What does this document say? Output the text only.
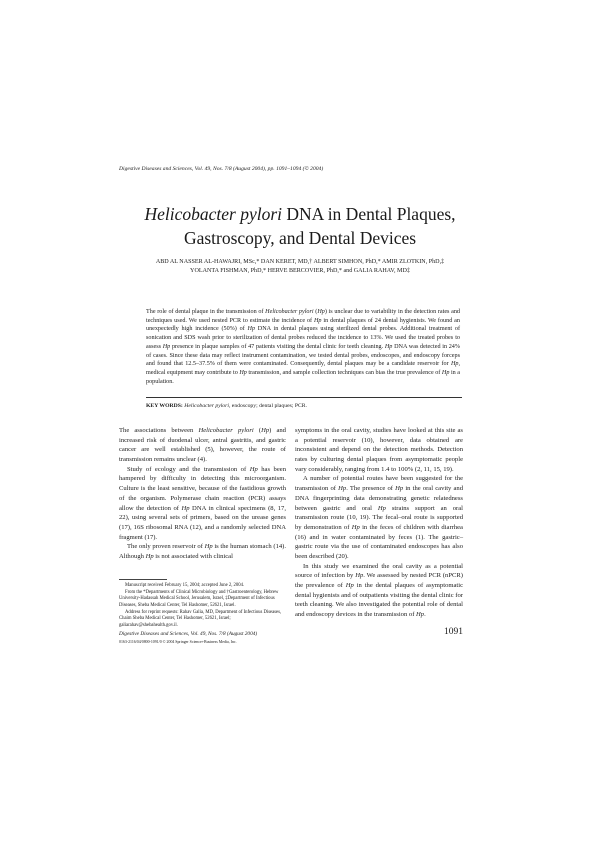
Digestive Diseases and Sciences, Vol. 49, Nos. 7/8 (August 2004), pp. 1091–1094 (© 2004)
Helicobacter pylori DNA in Dental Plaques,
Gastroscopy, and Dental Devices
ABD AL NASSER AL-HAWAJRI, MSc,* DAN KERET, MD,† ALBERT SIMHON, PhD,* AMIR ZLOTKIN, PhD,‡
YOLANTA FISHMAN, PhD,* HERVE BERCOVIER, PhD,* and GALIA RAHAV, MD‡
The role of dental plaque in the transmission of Helicobacter pylori (Hp) is unclear due to variability in the detection rates and techniques used. We used nested PCR to estimate the incidence of Hp in dental plaques of 24 dental hygienists. We found an unexpectedly high incidence (50%) of Hp DNA in dental plaques using sterilized dental probes. Additional treatment of sonication and SDS wash prior to sterilization of dental probes reduced the incidence to 13%. We used the treated probes to assess Hp presence in plaque samples of 47 patients visiting the dental clinic for teeth cleaning. Hp DNA was detected in 24% of cases. Since these data may reflect instrument contamination, we tested dental probes, endoscopes, and endoscopy forceps and found that 12.5–37.5% of them were contaminated. Consequently, dental plaques may be a candidate reservoir for Hp, medical equipment may contribute to Hp transmission, and sample collection techniques can bias the true prevalence of Hp in a population.
KEY WORDS: Helicobacter pylori, endoscopy; dental plaques; PCR.

The associations between Helicobacter pylori (Hp) and increased risk of duodenal ulcer, antral gastritis, and gastric cancer are well established (5), however, the route of transmission remains unclear (4).

Study of ecology and the transmission of Hp has been hampered by difficulty in detecting this microorganism. Culture is the least sensitive, because of the fastidious growth of the organism. Polymerase chain reaction (PCR) assays allow the detection of Hp DNA in clinical specimens (8, 17, 22), using several sets of primers, based on the urease genes (17), 16S ribosomal RNA (12), and a randomly selected DNA fragment (17).

The only proven reservoir of Hp is the human stomach (14). Although Hp is not associated with clinical

symptoms in the oral cavity, studies have looked at this site as a potential reservoir (10), however, data obtained are inconsistent and depend on the detection methods. Detection rates by culturing dental plaques from asymptomatic people vary considerably, ranging from 1.4 to 100% (2, 11, 15, 19).

A number of potential routes have been suggested for the transmission of Hp. The presence of Hp in the oral cavity and DNA fingerprinting data demonstrating genetic relatedness between gastric and oral Hp strains support an oral transmission route (10, 19). The fecal–oral route is supported by demonstration of Hp in the feces of children with diarrhea (16) and in water contaminated by feces (1). The gastric–gastric route via the use of contaminated endoscopes has also been described (20).

In this study we examined the oral cavity as a potential source of infection by Hp. We assessed by nested PCR (nPCR) the prevalence of Hp in the dental plaques of asymptomatic dental hygienists and of outpatients visiting the dental clinic for teeth cleaning. We also investigated the potential role of dental and endoscopy devices in the transmission of Hp.

Manuscript received February 15, 2004; accepted June 2, 2004.

From the *Departments of Clinical Microbiology and †Gastroenterology, Hebrew University-Hadassah Medical School, Jerusalem, Israel, ‡Department of Infectious Diseases, Sheba Medical Center, Tel Hashomer, 52621, Israel.

Address for reprint requests: Rahav Galia, MD, Department of Infectious Diseases, Chaim Sheba Medical Center, Tel Hashomer, 52621, Israel; galiarahav@shebahealth.gov.il.

Digestive Diseases and Sciences, Vol. 49, Nos. 7/8 (August 2004)
0163-2116/04/0800-1091/0 © 2004 Springer Science+Business Media, Inc.
1091
